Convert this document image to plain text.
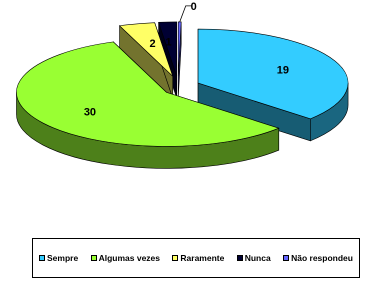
19
30
2 1
0
Sempre Algumas vezes Raramente Nunca Não respondeu
